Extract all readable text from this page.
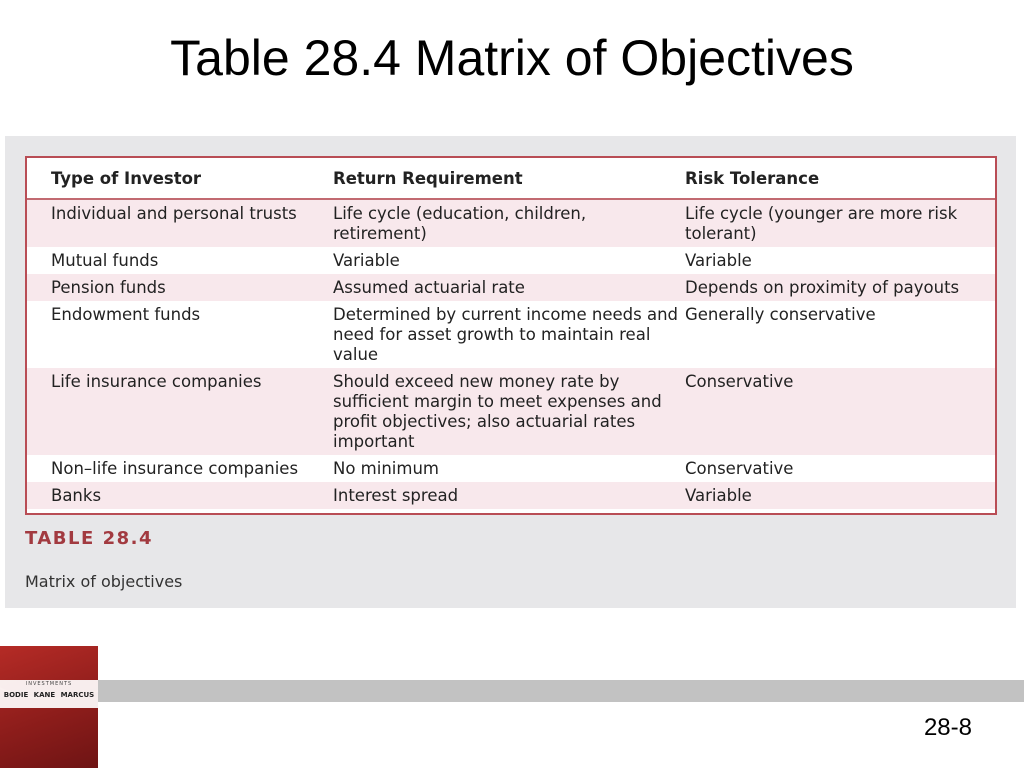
Table 28.4 Matrix of Objectives
Type of Investor	Return Requirement	Risk Tolerance
Individual and personal trusts	Life cycle (education, children, retirement)	Life cycle (younger are more risk tolerant)
Mutual funds	Variable	Variable
Pension funds	Assumed actuarial rate	Depends on proximity of payouts
Endowment funds	Determined by current income needs and need for asset growth to maintain real value	Generally conservative
Life insurance companies	Should exceed new money rate by sufficient margin to meet expenses and profit objectives; also actuarial rates important	Conservative
Non–life insurance companies	No minimum	Conservative
Banks	Interest spread	Variable
TABLE 28.4
Matrix of objectives
INVESTMENTS
BODIE KANE MARCUS
28-8
